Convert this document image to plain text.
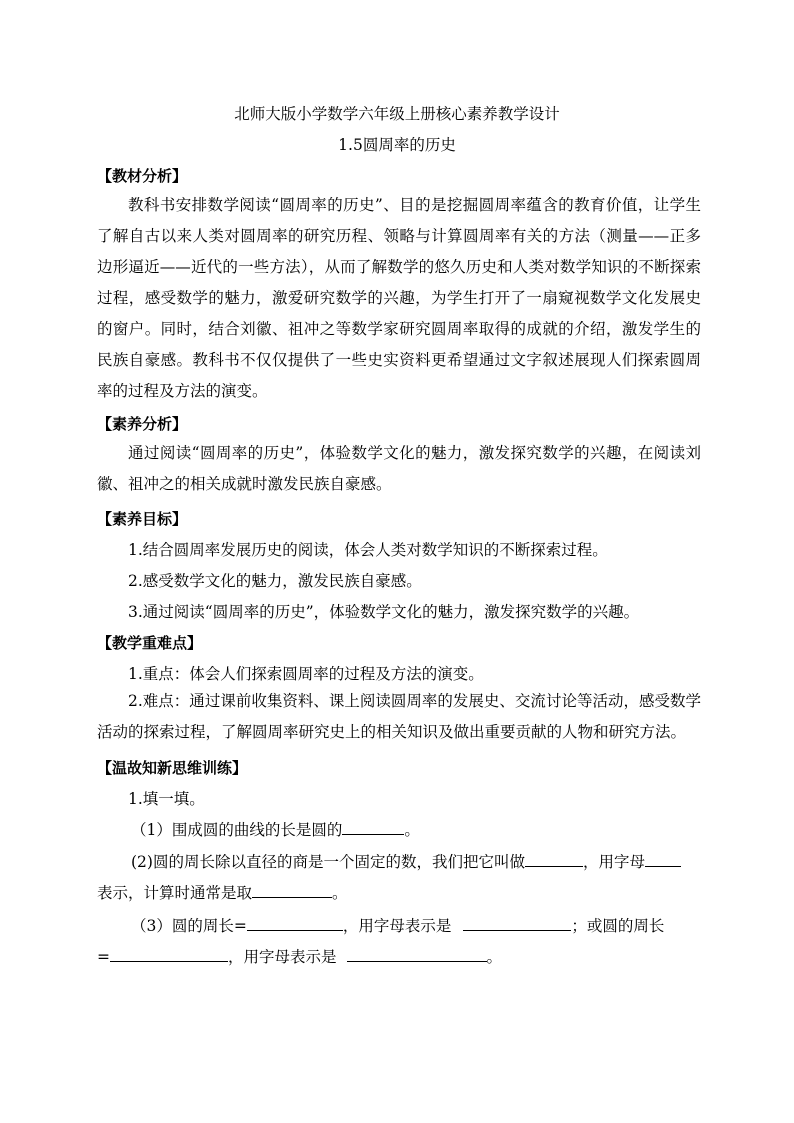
北师大版小学数学六年级上册核心素养教学设计
1.5圆周率的历史
【教材分析】
教科书安排数学阅读“圆周率的历史”、目的是挖掘圆周率蕴含的教育价值，让学生了解自古以来人类对圆周率的研究历程、领略与计算圆周率有关的方法（测量——正多边形逼近——近代的一些方法），从而了解数学的悠久历史和人类对数学知识的不断探索过程，感受数学的魅力，激爱研究数学的兴趣，为学生打开了一扇窥视数学文化发展史的窗户。同时，结合刘徽、祖冲之等数学家研究圆周率取得的成就的介绍，激发学生的民族自豪感。教科书不仅仅提供了一些史实资料更希望通过文字叙述展现人们探索圆周率的过程及方法的演变。
【素养分析】
通过阅读“圆周率的历史”，体验数学文化的魅力，激发探究数学的兴趣，在阅读刘徽、祖冲之的相关成就时激发民族自豪感。
【素养目标】
1.结合圆周率发展历史的阅读，体会人类对数学知识的不断探索过程。
2.感受数学文化的魅力，激发民族自豪感。
3.通过阅读“圆周率的历史”，体验数学文化的魅力，激发探究数学的兴趣。
【教学重难点】
1.重点：体会人们探索圆周率的过程及方法的演变。
2.难点：通过课前收集资料、课上阅读圆周率的发展史、交流讨论等活动，感受数学活动的探索过程，了解圆周率研究史上的相关知识及做出重要贡献的人物和研究方法。
【温故知新思维训练】
1.填一填。
（1）围成圆的曲线的长是圆的	。
(2)圆的周长除以直径的商是一个固定的数，我们把它叫做	，用字母
表示，计算时通常是取	。
（3）圆的周长=	，用字母表示是	；或圆的周长
=	，用字母表示是	。
